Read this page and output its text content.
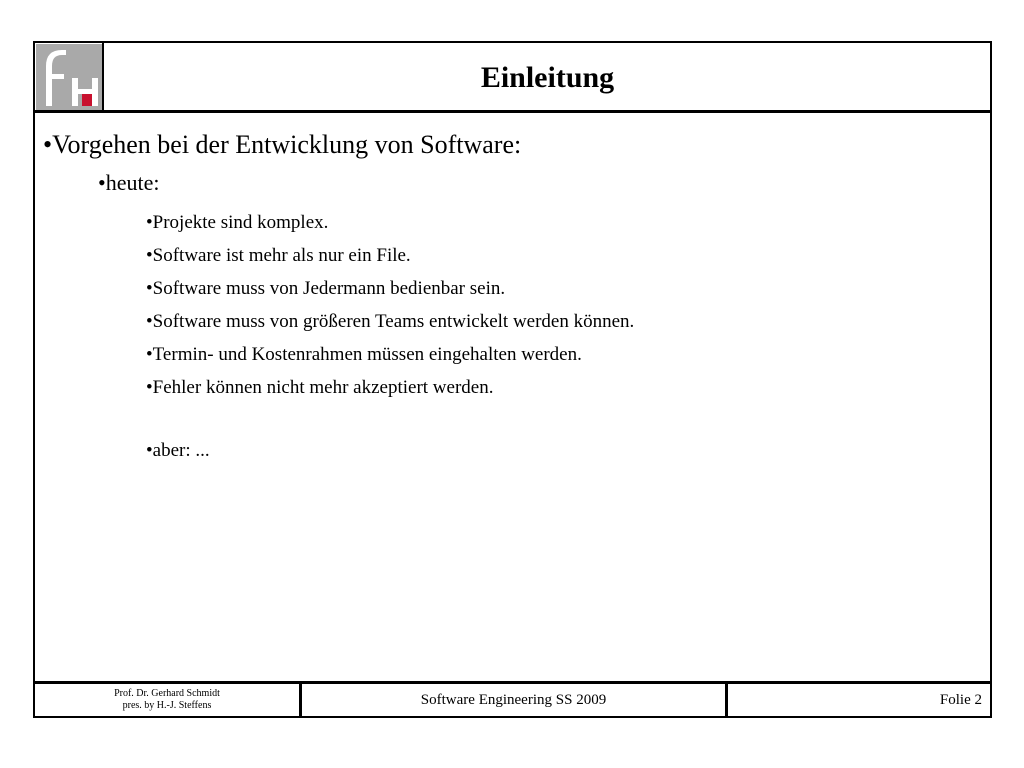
Einleitung
•Vorgehen bei der Entwicklung von Software:
•heute:
•Projekte sind komplex.
•Software ist mehr als nur ein File.
•Software muss von Jedermann bedienbar sein.
•Software muss von größeren Teams entwickelt werden können.
•Termin- und Kostenrahmen müssen eingehalten werden.
•Fehler können nicht mehr akzeptiert werden.
•aber: ...
Prof. Dr. Gerhard Schmidt
pres. by H.-J. Steffens	Software Engineering SS 2009	Folie 2
